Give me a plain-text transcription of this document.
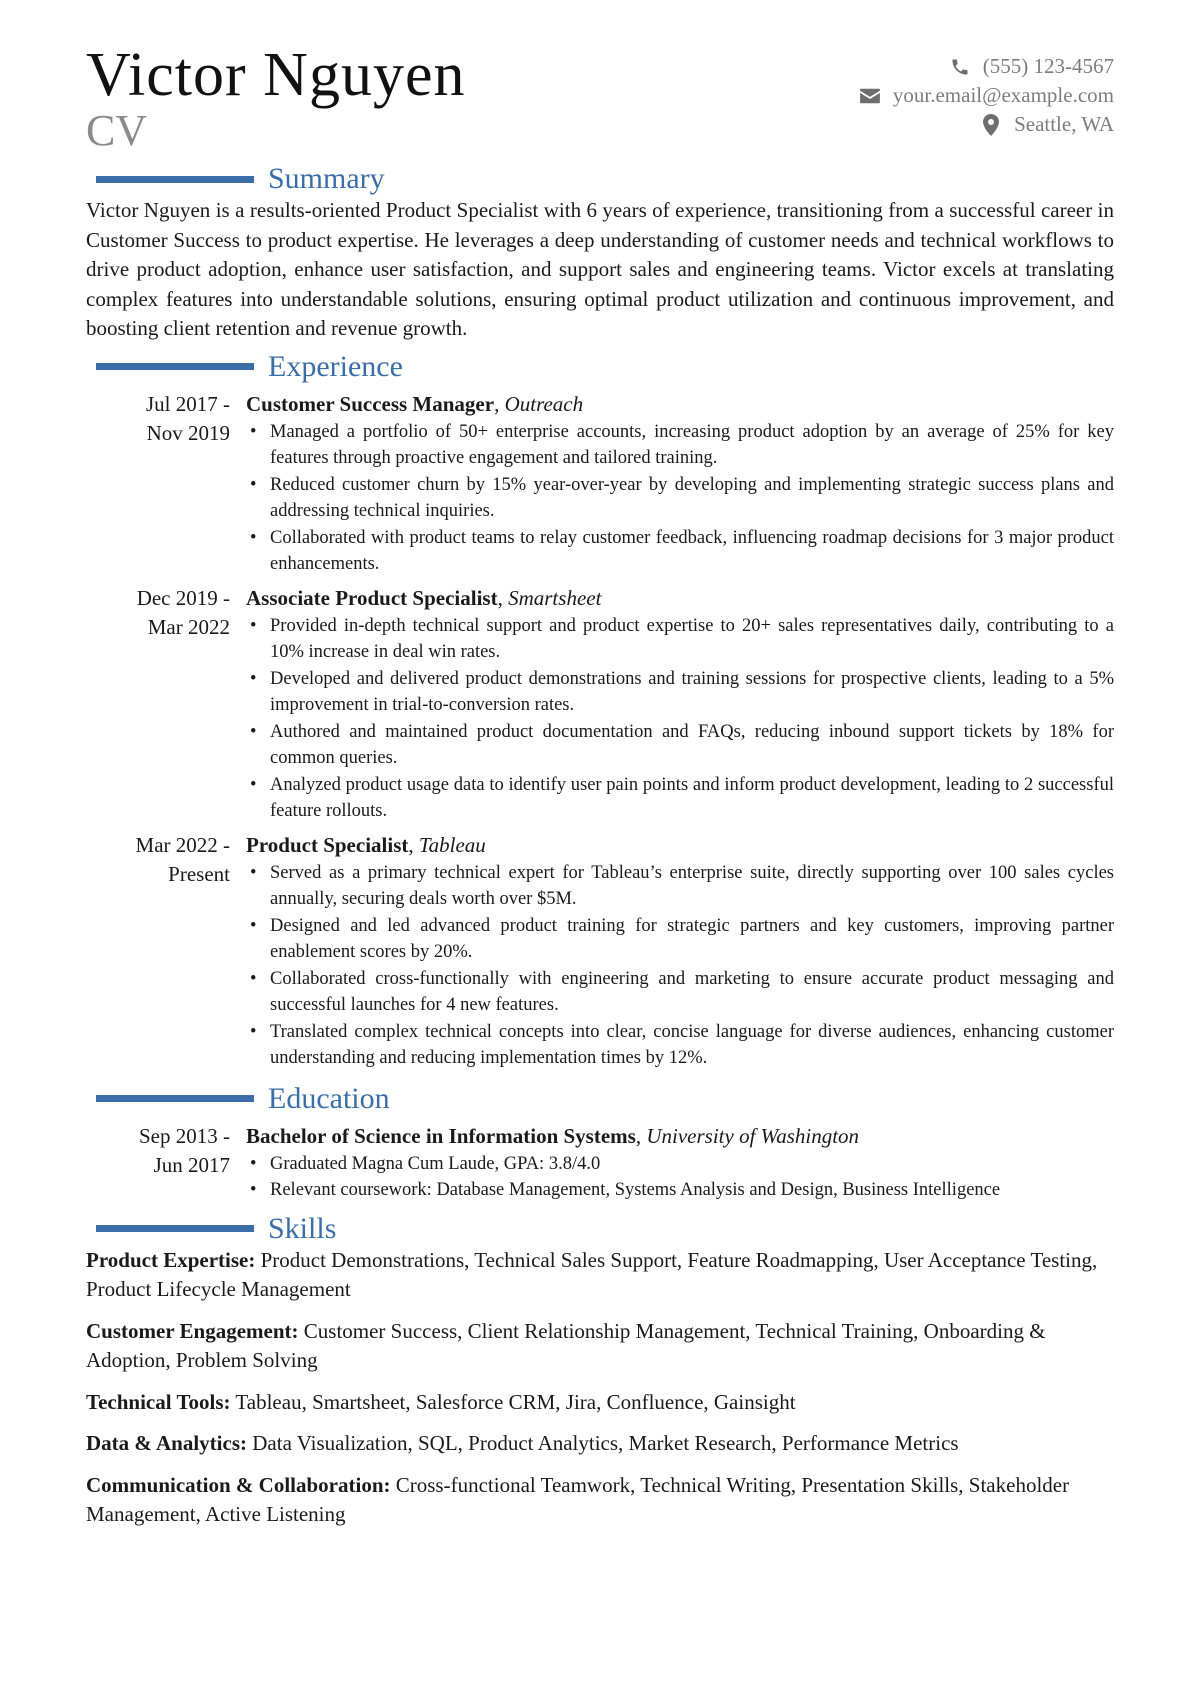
Victor Nguyen
CV
(555) 123-4567
your.email@example.com
Seattle, WA
Summary

Victor Nguyen is a results-oriented Product Specialist with 6 years of experience, transitioning from a successful career in Customer Success to product expertise. He leverages a deep understanding of customer needs and technical workflows to drive product adoption, enhance user satisfaction, and support sales and engineering teams. Victor excels at translating complex features into understandable solutions, ensuring optimal product utilization and continuous improvement, and boosting client retention and revenue growth.

Experience
Jul 2017 - Nov 2019
Customer Success Manager, Outreach
• Managed a portfolio of 50+ enterprise accounts, increasing product adoption by an average of 25% for key features through proactive engagement and tailored training.
• Reduced customer churn by 15% year-over-year by developing and implementing strategic success plans and addressing technical inquiries.
• Collaborated with product teams to relay customer feedback, influencing roadmap decisions for 3 major product enhancements.
Dec 2019 - Mar 2022
Associate Product Specialist, Smartsheet
• Provided in-depth technical support and product expertise to 20+ sales representatives daily, contributing to a 10% increase in deal win rates.
• Developed and delivered product demonstrations and training sessions for prospective clients, leading to a 5% improvement in trial-to-conversion rates.
• Authored and maintained product documentation and FAQs, reducing inbound support tickets by 18% for common queries.
• Analyzed product usage data to identify user pain points and inform product development, leading to 2 successful feature rollouts.
Mar 2022 - Present
Product Specialist, Tableau
• Served as a primary technical expert for Tableau’s enterprise suite, directly supporting over 100 sales cycles annually, securing deals worth over $5M.
• Designed and led advanced product training for strategic partners and key customers, improving partner enablement scores by 20%.
• Collaborated cross-functionally with engineering and marketing to ensure accurate product messaging and successful launches for 4 new features.
• Translated complex technical concepts into clear, concise language for diverse audiences, enhancing customer understanding and reducing implementation times by 12%.
Education
Sep 2013 - Jun 2017
Bachelor of Science in Information Systems, University of Washington
• Graduated Magna Cum Laude, GPA: 3.8/4.0
• Relevant coursework: Database Management, Systems Analysis and Design, Business Intelligence
Skills

Product Expertise: Product Demonstrations, Technical Sales Support, Feature Roadmapping, User Acceptance Testing, Product Lifecycle Management

Customer Engagement: Customer Success, Client Relationship Management, Technical Training, Onboarding & Adoption, Problem Solving

Technical Tools: Tableau, Smartsheet, Salesforce CRM, Jira, Confluence, Gainsight

Data & Analytics: Data Visualization, SQL, Product Analytics, Market Research, Performance Metrics

Communication & Collaboration: Cross-functional Teamwork, Technical Writing, Presentation Skills, Stakeholder Management, Active Listening
